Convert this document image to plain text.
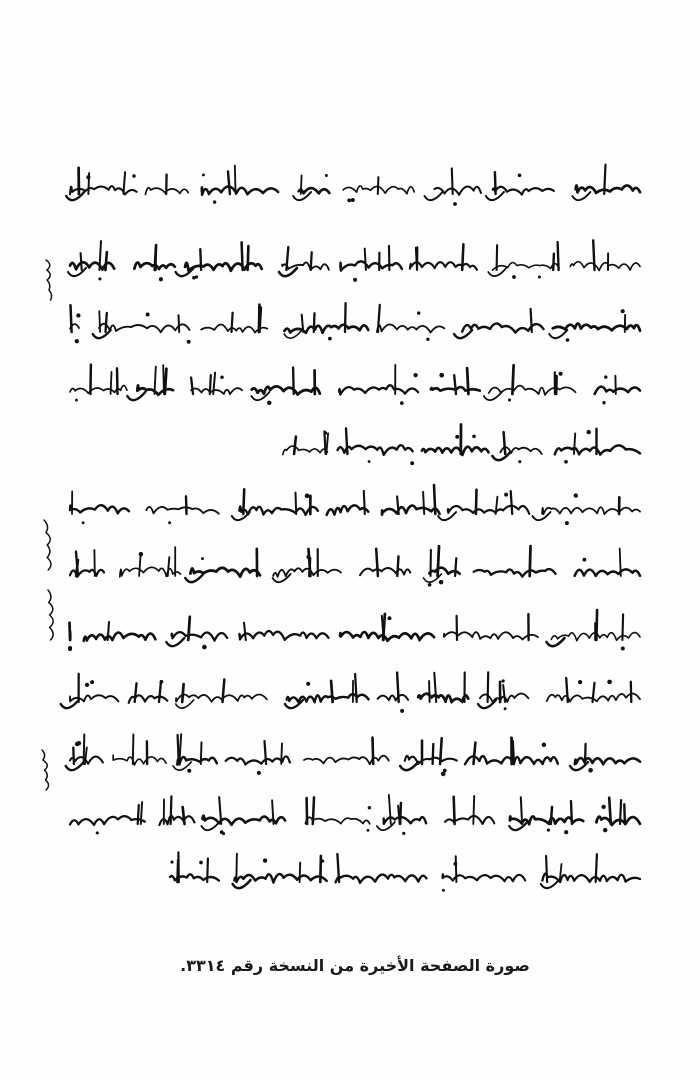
صورة الصفحة الأخيرة من النسخة رقم ٣٣١٤.
